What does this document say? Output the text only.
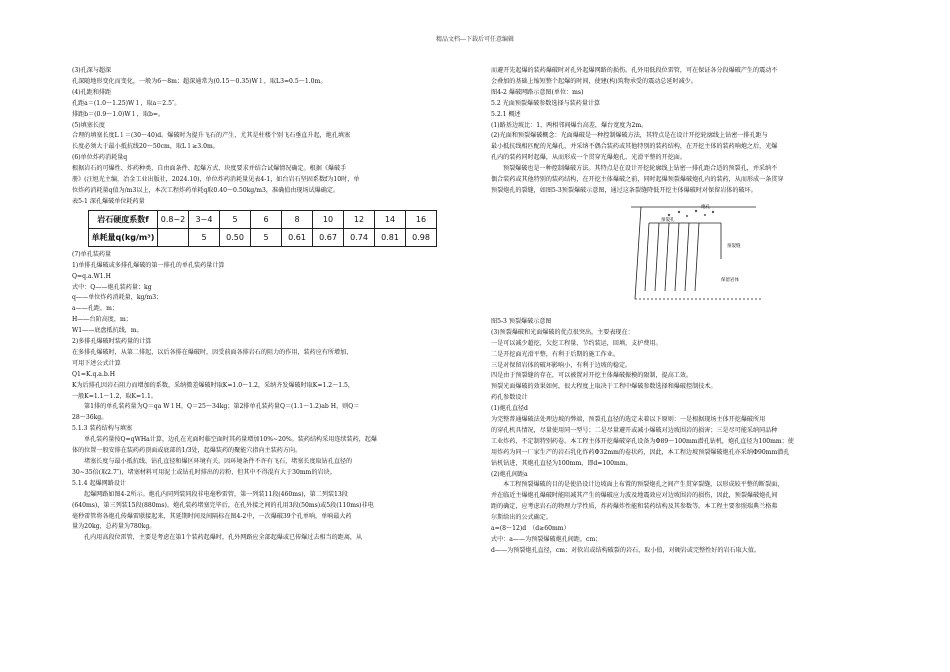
精品文档---下载后可任意编辑

(3)孔深与超深

孔深随地形变化而变化，一般为6～8m；超深通常为(0.15～0.35)W１，取L3=0.5～1.0m。

(4)孔距和排距

孔距a＝(1.0～1.25)W１，取a＝2.5″。

排距b＝(0.9～1.0)W１，取b=。

(5)填塞长度

合理的填塞长度L１＝(30～40)d。爆破时为提升飞石的产生，尤其是柱楼个别飞石垂直升起，炮孔填塞

长度必须大于最小抵抗线20～50cm，取L１≥3.0m。

(6)单位炸药消耗量q

根据岩石的可爆性、炸药种类、自由面条件、起爆方式、块度要求并结合试爆情况确定。根据《爆破手

册》(汪旭光主编，冶金工业出版社，2024.10)，单位炸药消耗量见表4-1，如台岩石坚固系数f为10时，单

位炸药消耗量q值为/m3以上，本次工程炸药单耗q取0.40～0.50kg/m3，准确值由现场试爆确定。

表5-1 深孔爆破单位耗药量

岩石硬度系数f	0.8~2	3~4	5	6	8	10	12	14	16
单耗量q(kg/m³)		5	0.50	5	0.61	0.67	0.74	0.81	0.98

(7)单孔装药量

1)单排孔爆破或多排孔爆破的第一排孔的单孔装药量计算

Q=q.a.W1.H

式中：Q——炮孔装药量；kg

q——单位炸药消耗量，kg/m3；

a——孔距，m；

H——台阶高度，m；

W1——底盘抵抗线，m。

2)多排孔爆破时装药量的计算

在多排孔爆破时，从第二排起，以后各排在爆破时，因受前面各排岩石的阻力的作用，装药应有所增加，

可用下述公式计算

Q1=K.q.a.b.H

K为后排孔因岩石阻力而增加的系数，采纳微差爆破时取K=1.0～1.2，采纳齐发爆破时取K=1.2～1.5，

一般K=1.1～1.2，取K=1.1。

第1排的单孔装药量为Q＝qa W１H，Q＝25～34kg；第2排单孔装药量Q＝(1.1～1.2)ab H，则Q＝

28～36kg。

5.1.3 装药结构与填塞

单孔装药量按Q=qWHa计算，边孔在光面时临空面时其药量增加10%~20%。装药结构采用连续装药，起爆

体的位置一般安排在装药药顶面或底部的1/3处，起爆装药的聚能穴指向主装药方向。

堵塞长度与最小抵抗线、钻孔直径和爆区环境有关。因环境条件不许有飞石，堵塞长度取钻孔直径的

30~35倍(取2.7″)，堵塞材料可用泥土或钻孔时排出的岩粉，但其中不得混有大于30mm的岩块。

5.1.4 起爆网路设计

起爆网路如图4-2所示。炮孔内同列装同段非电毫秒雷管，第一列装11段(460ms)，第二列装13段

(640ms)，第三列装15段(880ms)。炮孔装药堵塞完毕后，在孔外接之间的孔用3段(50ms)或5段(110ms)非电

毫秒雷管将各炮孔传爆雷联接起来，其延期时间及间隔标在图4-2中，一次爆破39个孔单响，单响最大药

量为20kg，总药量为780kg。

孔内用高段位雷管，主要是考虑在第1个装药起爆时，孔外网路应全部起爆或已传爆过去相当的距离，从

而避开先起爆的装药爆破时对孔外起爆网路的损伤。孔外用低段位雷管，可在保证各分段爆破产生的震动不

会叠加的基础上缩短整个起爆的时间，使建(构)筑物承受的震动总延时减少。

图4-2 爆破网路示意图(单位：ms)

5.2 光面预裂爆破参数选择与装药量计算

5.2.1 概述

(1)路基边坡比：1，两相邻间爆台高差，爆台宽度为2m。

(2)光面和预裂爆破概念：光面爆破是一种控制爆破方法，其特点是在设计开挖轮廓线上钻密一排孔距与

最小抵抗线相匹配的光爆孔，并采纳不偶合装药或其他特别的装药结构，在开挖主体的装药响炮之后，光爆

孔内的装药同时起爆，从而形成一个贯穿光爆炮孔、光滑平整的开挖面。

预裂爆破也是一种控制爆破方法。其特点是在设计开挖轮廓线上钻密一排孔距合适的预裂孔，并采纳不

偶合装药或其他特别的装药结构，在开挖主体爆破之前，同时起爆预裂爆破炮孔内的装药，从而形成一条贯穿

预裂炮孔的裂缝，如图5-3预裂爆破示意图，通过这条裂缝降低开挖主体爆破时对保留岩体的破坏。

炮孔
预裂孔
预裂缝
保留岩体

图5-3 预裂爆破示意图

(3)预裂爆破和光面爆破的优点很突出，主要表现在：

一是可以减少超挖，欠挖工程量，节约装运，回填，支护费用。

二是开挖面光滑平整，有利于后期的施工作业。

三是对保留岩体的破坏影响小，有利于边坡的稳定。

四是由于预裂缝的存在，可以被置对开挖主体爆破振模的限制，提高工效。

预裂光面爆破的效果如何，很大程度上取决于工程中爆破参数选择和爆破控制技术。

药孔参数设计

(1)炮孔直径d

为完整普通爆破法处理边坡的弊端，预裂孔直径的选定未着以下原则：一是根据现场主体开挖爆破所用

的穿孔机具情况，尽量使用同一型号；二是尽量避开或减小爆破对边坡围岩的损害；三是尽可能采纳同品种

工业炸药，不定制特别药卷。本工程主体开挖爆破穿孔设备为Φ89～100mm潜孔钻机，炮孔直径为100mm；使

用炸药为同一厂家生产的岩石乳化炸药Φ32mm的卷状药，因此，本工程边坡预裂爆破炮孔亦采纳Φ90mm潜孔

钻机钻进，其炮孔直径为100mm，即d=100mm。

(2)炮孔间距a

本工程预裂爆破的目的是使沿设计边坡面上布置的预裂炮孔之间产生贯穿裂缝，以形成较平整的断裂面，

并在临近主爆炮孔爆破时能阻减其产生的爆破应力波及地震效应对边坡围岩的损伤，因此，预裂爆破炮孔间

距的确定，应考虑岩石的物理力学性质，炸药爆炸性能和装药结构及其参数等。本工程主要参照瑞典兰格弗

尔斯给出的公式确定。

a=(8～12)d　（d≥60mm）

式中：a——为预裂爆破炮孔间距，cm；

d——为预裂炮孔直径，cm；对软岩或结构破裂的岩石，取小值，对硬岩或完整性好的岩石取大值。
